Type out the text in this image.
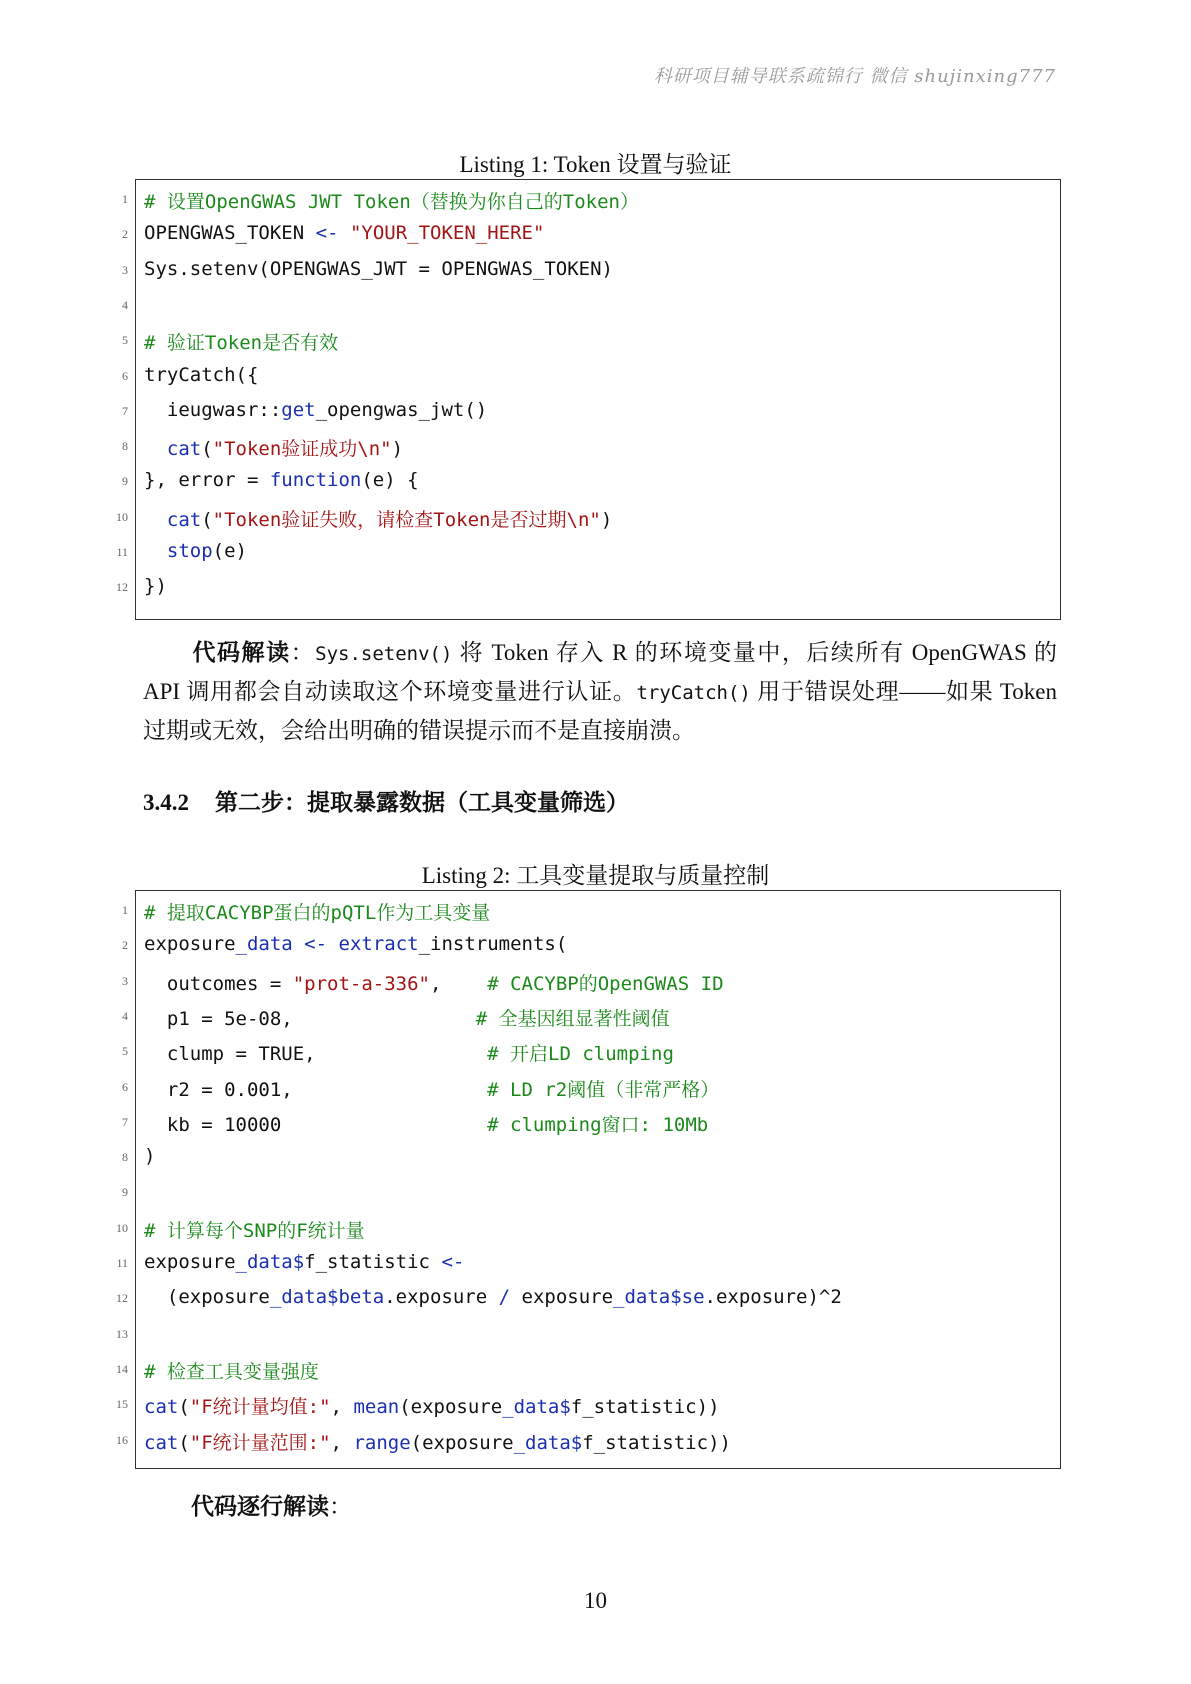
科研项目辅导联系疏锦行 微信 shujinxing777
Listing 1: Token 设置与验证
1 # 设置OpenGWAS JWT Token（替换为你自己的Token）
2 OPENGWAS_TOKEN <- "YOUR_TOKEN_HERE"
3 Sys.setenv(OPENGWAS_JWT = OPENGWAS_TOKEN)
4
5 # 验证Token是否有效
6 tryCatch({
7 ieugwasr::get_opengwas_jwt()
8	cat("Token验证成功\n")
9 }, error = function(e) {
10	cat("Token验证失败，请检查Token是否过期\n")
11	stop(e)
12 })
代码解读：Sys.setenv() 将 Token 存入 R 的环境变量中，后续所有 OpenGWAS 的 API 调用都会自动读取这个环境变量进行认证。tryCatch() 用于错误处理——如果 Token 过期或无效，会给出明确的错误提示而不是直接崩溃。
3.4.2 第二步：提取暴露数据（工具变量筛选）
Listing 2: 工具变量提取与质量控制
1 # 提取CACYBP蛋白的pQTL作为工具变量
2 exposure_data <- extract_instruments(
3 outcomes = "prot-a-336",    # CACYBP的OpenGWAS ID
4 p1 = 5e-08,                # 全基因组显著性阈值
5 clump = TRUE,               # 开启LD clumping
6 r2 = 0.001,                 # LD r2阈值（非常严格）
7 kb = 10000                  # clumping窗口: 10Mb
8 )
9
10 # 计算每个SNP的F统计量
11 exposure_data$f_statistic <-
12 (exposure_data$beta.exposure / exposure_data$se.exposure)^2
13
14 # 检查工具变量强度
15 cat("F统计量均值:", mean(exposure_data$f_statistic))
16 cat("F统计量范围:", range(exposure_data$f_statistic))
代码逐行解读：
10
